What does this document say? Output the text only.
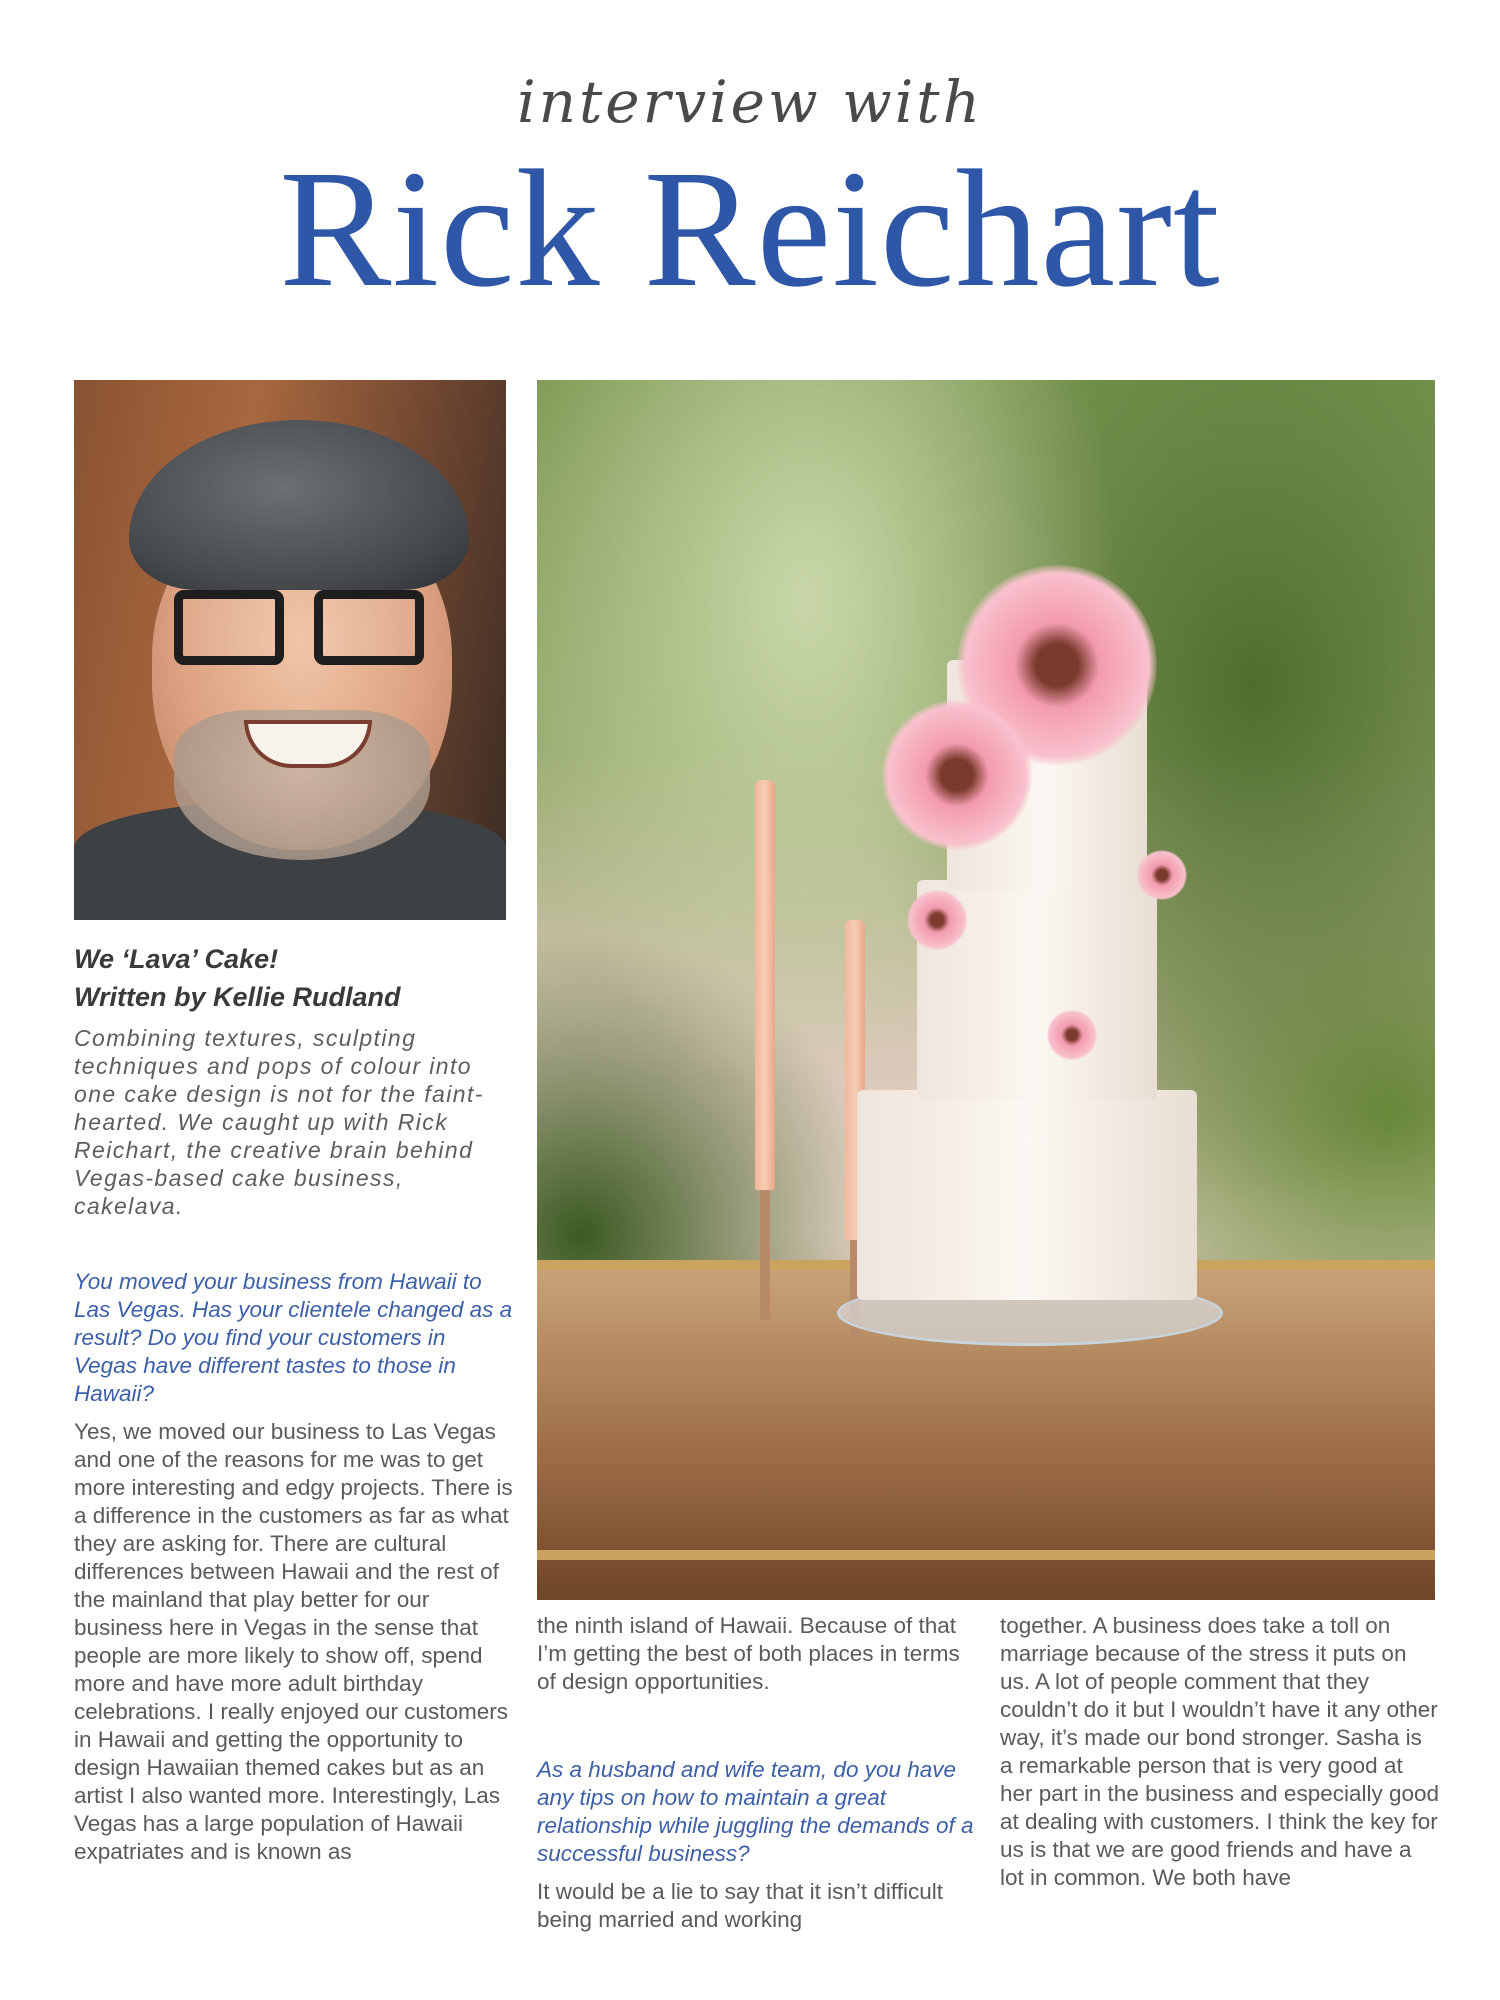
interview with
Rick Reichart
We ‘Lava’ Cake!
Written by Kellie Rudland
Combining textures, sculpting techniques and pops of colour into one cake design is not for the faint-hearted. We caught up with Rick Reichart, the creative brain behind Vegas-based cake business, cakelava.

You moved your business from Hawaii to Las Vegas. Has your clientele changed as a result? Do you find your customers in Vegas have different tastes to those in Hawaii?

Yes, we moved our business to Las Vegas and one of the reasons for me was to get more interesting and edgy projects. There is a difference in the customers as far as what they are asking for. There are cultural differences between Hawaii and the rest of the mainland that play better for our business here in Vegas in the sense that people are more likely to show off, spend more and have more adult birthday celebrations. I really enjoyed our customers in Hawaii and getting the opportunity to design Hawaiian themed cakes but as an artist I also wanted more. Interestingly, Las Vegas has a large population of Hawaii expatriates and is known as

the ninth island of Hawaii. Because of that I’m getting the best of both places in terms of design opportunities.

As a husband and wife team, do you have any tips on how to maintain a great relationship while juggling the demands of a successful business?

It would be a lie to say that it isn’t difficult being married and working

together. A business does take a toll on marriage because of the stress it puts on us. A lot of people comment that they couldn’t do it but I wouldn’t have it any other way, it’s made our bond stronger. Sasha is a remarkable person that is very good at her part in the business and especially good at dealing with customers. I think the key for us is that we are good friends and have a lot in common. We both have
